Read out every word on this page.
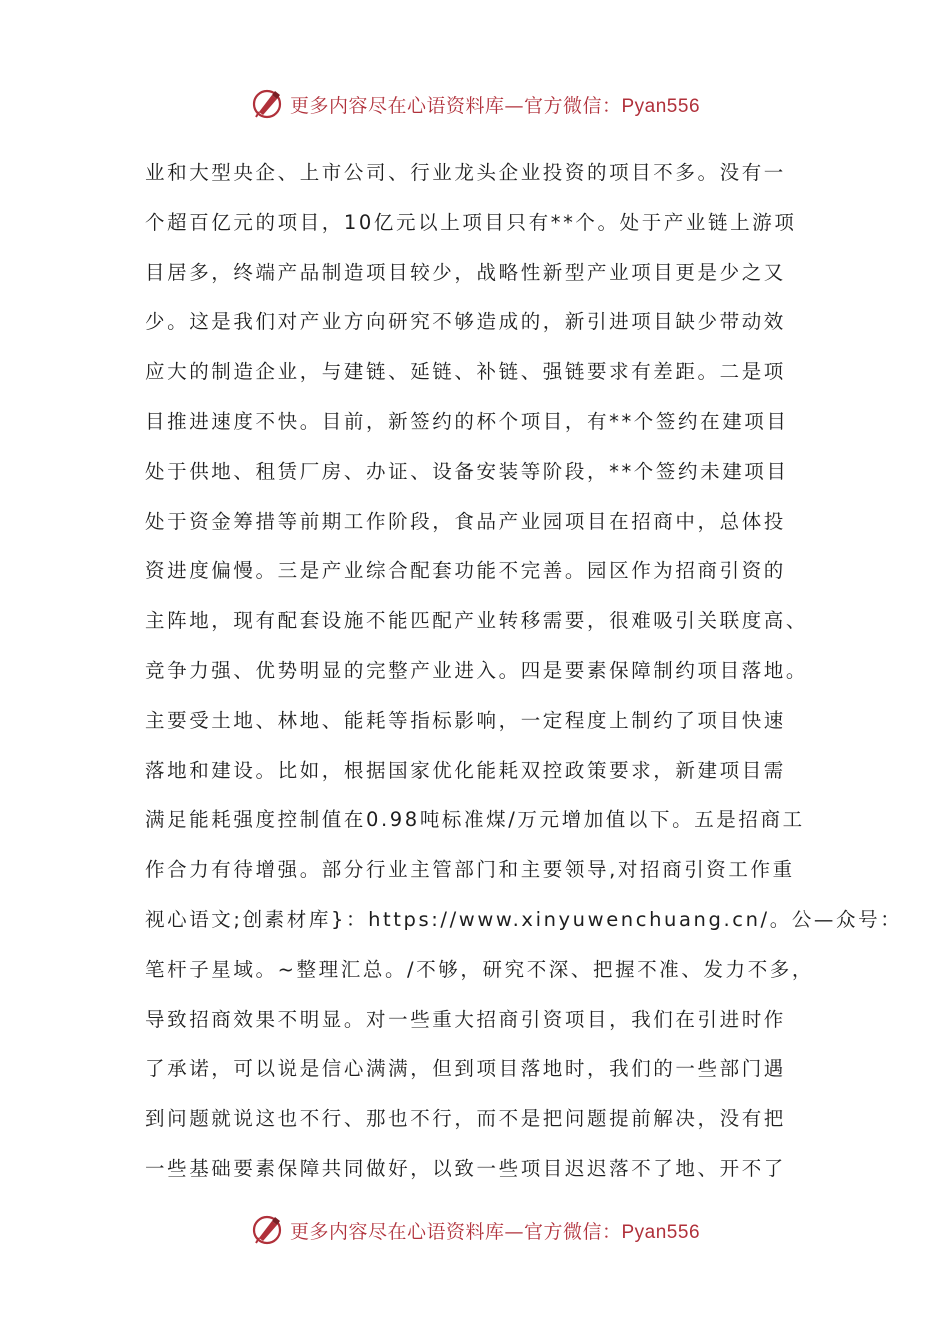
更多内容尽在心语资料库—官方微信：Pyan556
业和大型央企、上市公司、行业龙头企业投资的项目不多。没有一
个超百亿元的项目，10亿元以上项目只有**个。处于产业链上游项
目居多，终端产品制造项目较少，战略性新型产业项目更是少之又
少。这是我们对产业方向研究不够造成的，新引进项目缺少带动效
应大的制造企业，与建链、延链、补链、强链要求有差距。二是项
目推进速度不快。目前，新签约的杯个项目，有**个签约在建项目
处于供地、租赁厂房、办证、设备安装等阶段，**个签约未建项目
处于资金筹措等前期工作阶段，食品产业园项目在招商中，总体投
资进度偏慢。三是产业综合配套功能不完善。园区作为招商引资的
主阵地，现有配套设施不能匹配产业转移需要，很难吸引关联度高、
竞争力强、优势明显的完整产业进入。四是要素保障制约项目落地。
主要受土地、林地、能耗等指标影响，一定程度上制约了项目快速
落地和建设。比如，根据国家优化能耗双控政策要求，新建项目需
满足能耗强度控制值在0.98吨标准煤/万元增加值以下。五是招商工
作合力有待增强。部分行业主管部门和主要领导,对招商引资工作重
视心语文;创素材库}：https://www.xinyuwenchuang.cn/。公—众号：
笔杆子星域。~整理汇总。/不够，研究不深、把握不准、发力不多，
导致招商效果不明显。对一些重大招商引资项目，我们在引进时作
了承诺，可以说是信心满满，但到项目落地时，我们的一些部门遇
到问题就说这也不行、那也不行，而不是把问题提前解决，没有把
一些基础要素保障共同做好，以致一些项目迟迟落不了地、开不了
更多内容尽在心语资料库—官方微信：Pyan556
